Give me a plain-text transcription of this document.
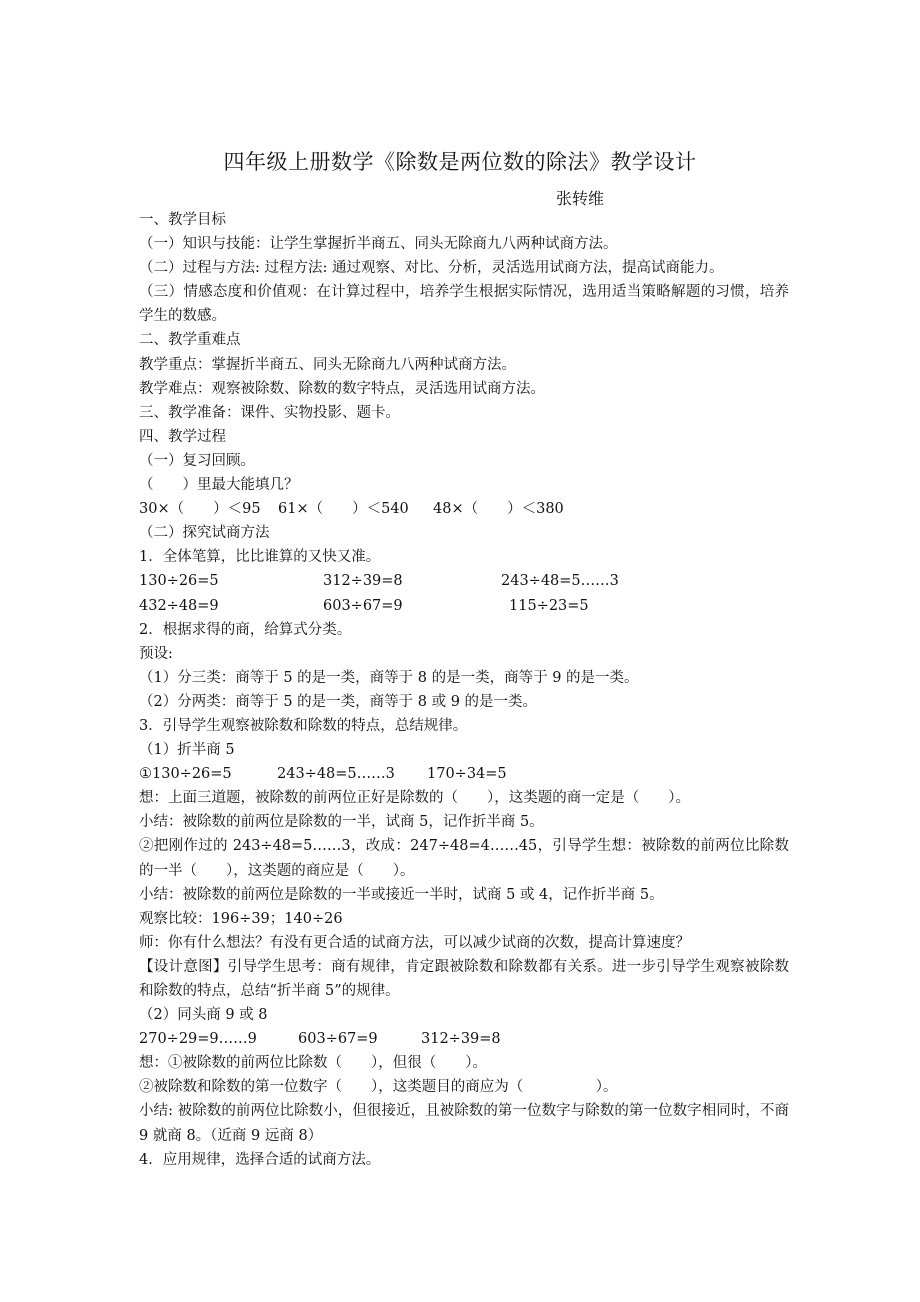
四年级上册数学《除数是两位数的除法》教学设计
张转维
一、教学目标
（一）知识与技能：让学生掌握折半商五、同头无除商九八两种试商方法。
（二）过程与方法: 过程方法: 通过观察、对比、分析，灵活选用试商方法，提高试商能力。
（三）情感态度和价值观：在计算过程中，培养学生根据实际情况，选用适当策略解题的习惯，培养学生的数感。
二、教学重难点
教学重点：掌握折半商五、同头无除商九八两种试商方法。
教学难点：观察被除数、除数的数字特点，灵活选用试商方法。
三、教学准备：课件、实物投影、题卡。
四、教学过程
（一）复习回顾。
（　　）里最大能填几？
30×（　　）＜95 61×（　　）＜540 48×（　　）＜380
（二）探究试商方法
1．全体笔算，比比谁算的又快又准。
130÷26=5	312÷39=8	243÷48=5……3
432÷48=9	603÷67=9	115÷23=5
2．根据求得的商，给算式分类。
预设:
（1）分三类：商等于 5 的是一类，商等于 8 的是一类，商等于 9 的是一类。
（2）分两类：商等于 5 的是一类，商等于 8 或 9 的是一类。
3．引导学生观察被除数和除数的特点，总结规律。
（1）折半商 5
①130÷26=5	243÷48=5……3 170÷34=5
想：上面三道题，被除数的前两位正好是除数的（　　），这类题的商一定是（　　）。
小结：被除数的前两位是除数的一半，试商 5，记作折半商 5。
②把刚作过的 243÷48=5……3，改成：247÷48=4……45，引导学生想：被除数的前两位比除数的一半（　　），这类题的商应是（　　）。
小结：被除数的前两位是除数的一半或接近一半时，试商 5 或 4，记作折半商 5。
观察比较：196÷39；140÷26
师：你有什么想法？有没有更合适的试商方法，可以减少试商的次数，提高计算速度？
【设计意图】引导学生思考：商有规律，肯定跟被除数和除数都有关系。进一步引导学生观察被除数和除数的特点，总结“折半商 5”的规律。
（2）同头商 9 或 8
270÷29=9……9	603÷67=9	312÷39=8
想：①被除数的前两位比除数（　　），但很（　　）。
②被除数和除数的第一位数字（　　），这类题目的商应为（　　　　　）。
小结: 被除数的前两位比除数小，但很接近，且被除数的第一位数字与除数的第一位数字相同时，不商 9 就商 8。（近商 9 远商 8）
4．应用规律，选择合适的试商方法。
